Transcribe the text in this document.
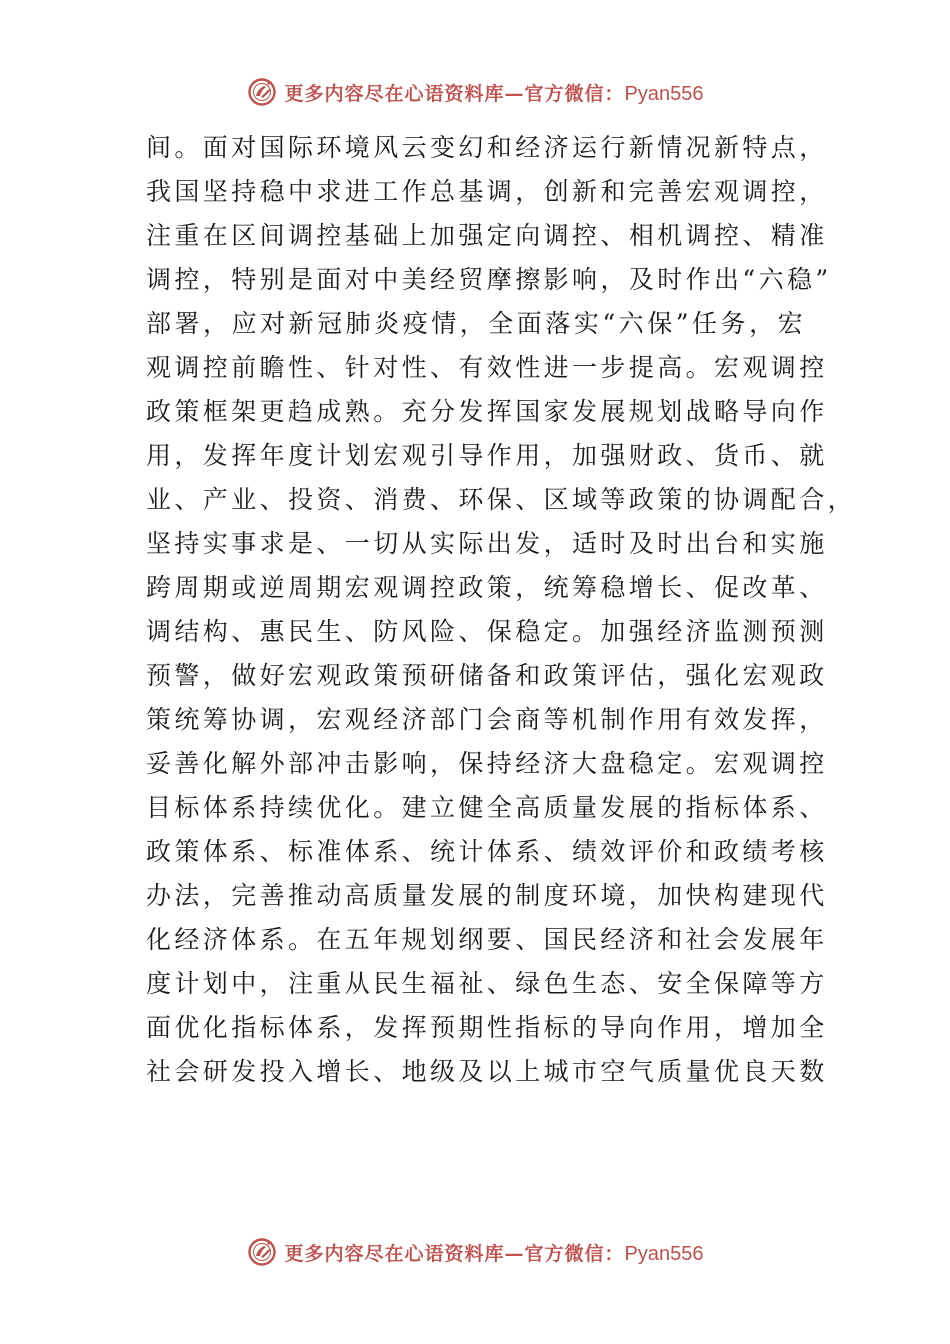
更多内容尽在心语资料库—官方微信：Pyan556
间。面对国际环境风云变幻和经济运行新情况新特点，
我国坚持稳中求进工作总基调，创新和完善宏观调控，
注重在区间调控基础上加强定向调控、相机调控、精准
调控，特别是面对中美经贸摩擦影响，及时作出“六稳”
部署，应对新冠肺炎疫情，全面落实“六保”任务，宏
观调控前瞻性、针对性、有效性进一步提高。宏观调控
政策框架更趋成熟。充分发挥国家发展规划战略导向作
用，发挥年度计划宏观引导作用，加强财政、货币、就
业、产业、投资、消费、环保、区域等政策的协调配合，
坚持实事求是、一切从实际出发，适时及时出台和实施
跨周期或逆周期宏观调控政策，统筹稳增长、促改革、
调结构、惠民生、防风险、保稳定。加强经济监测预测
预警，做好宏观政策预研储备和政策评估，强化宏观政
策统筹协调，宏观经济部门会商等机制作用有效发挥，
妥善化解外部冲击影响，保持经济大盘稳定。宏观调控
目标体系持续优化。建立健全高质量发展的指标体系、
政策体系、标准体系、统计体系、绩效评价和政绩考核
办法，完善推动高质量发展的制度环境，加快构建现代
化经济体系。在五年规划纲要、国民经济和社会发展年
度计划中，注重从民生福祉、绿色生态、安全保障等方
面优化指标体系，发挥预期性指标的导向作用，增加全
社会研发投入增长、地级及以上城市空气质量优良天数
更多内容尽在心语资料库—官方微信：Pyan556
